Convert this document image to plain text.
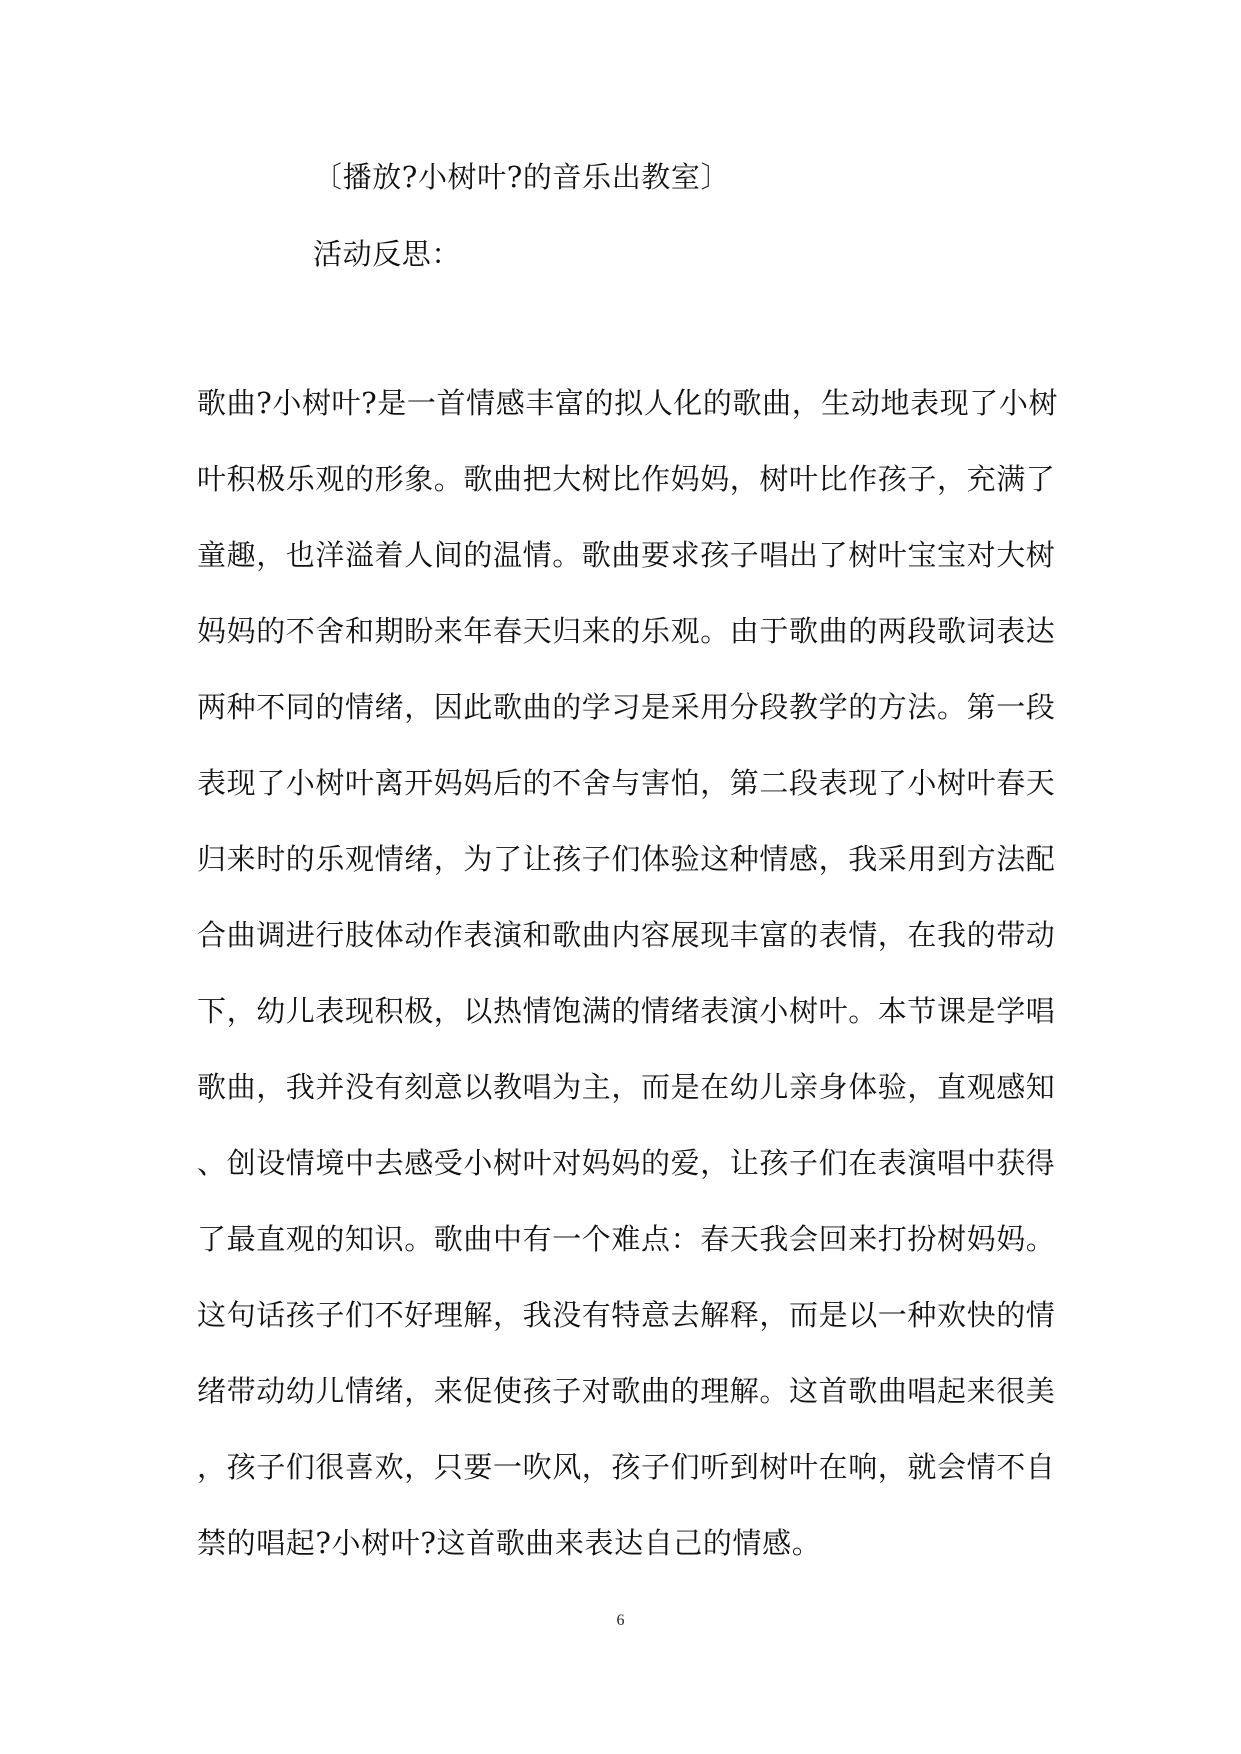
〔播放?小树叶?的音乐出教室〕
活动反思：
歌曲?小树叶?是一首情感丰富的拟人化的歌曲，生动地表现了小树
叶积极乐观的形象。歌曲把大树比作妈妈，树叶比作孩子，充满了
童趣，也洋溢着人间的温情。歌曲要求孩子唱出了树叶宝宝对大树
妈妈的不舍和期盼来年春天归来的乐观。由于歌曲的两段歌词表达
两种不同的情绪，因此歌曲的学习是采用分段教学的方法。第一段
表现了小树叶离开妈妈后的不舍与害怕，第二段表现了小树叶春天
归来时的乐观情绪，为了让孩子们体验这种情感，我采用到方法配
合曲调进行肢体动作表演和歌曲内容展现丰富的表情，在我的带动
下，幼儿表现积极，以热情饱满的情绪表演小树叶。本节课是学唱
歌曲，我并没有刻意以教唱为主，而是在幼儿亲身体验，直观感知
、创设情境中去感受小树叶对妈妈的爱，让孩子们在表演唱中获得
了最直观的知识。歌曲中有一个难点：春天我会回来打扮树妈妈。
这句话孩子们不好理解，我没有特意去解释，而是以一种欢快的情
绪带动幼儿情绪，来促使孩子对歌曲的理解。这首歌曲唱起来很美
，孩子们很喜欢，只要一吹风，孩子们听到树叶在响，就会情不自
禁的唱起?小树叶?这首歌曲来表达自己的情感。
6
